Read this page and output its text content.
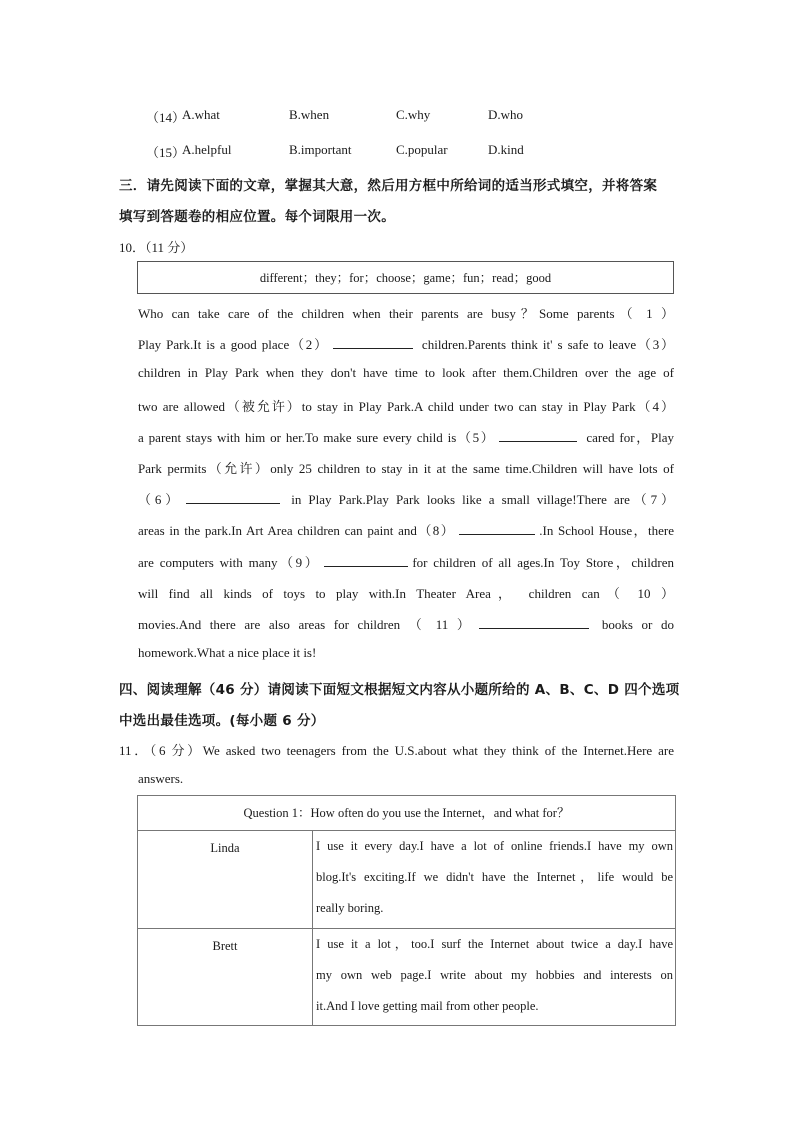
（14）
A.what	B.when	C.why	D.who
（15）
A.helpful	B.important	C.popular	D.kind
三．请先阅读下面的文章，掌握其大意，然后用方框中所给词的适当形式填空，并将答案
填写到答题卷的相应位置。每个词限用一次。
10．（11 分）
different；they；for；choose；game；fun；read；good
Who can take care of the children when their parents are busy？Some parents（ 1 ）
Play Park.It is a good place（2）	children.Parents think it' s safe to leave（3）
children in Play Park when they don't have time to look after them.Children over the age of
two are allowed（被允许）to stay in Play Park.A child under two can stay in Play Park（4）
a parent stays with him or her.To make sure every child is（5）	cared for，Play
Park permits（允许）only 25 children to stay in it at the same time.Children will have lots of
（6）	in Play Park.Play Park looks like a small village!There are（7）
areas in the park.In Art Area children can paint and（8）	.In School House，there
are computers with many（9）	for children of all ages.In Toy Store，children
will find all kinds of toys to play with.In Theater Area， children can（ 10 ）
movies.And there are also areas for children （ 11 ）	books or do
homework.What a nice place it is!
四、阅读理解（46 分）请阅读下面短文根据短文内容从小题所给的 A、B、C、D 四个选项
中选出最佳选项。(每小题 6 分）
11．（6 分）We asked two teenagers from the U.S.about what they think of the Internet.Here are
answers.
Question 1：How often do you use the Internet，and what for？	
Linda	I use it every day.I have a lot of online friends.I have my own
blog.It's exciting.If we didn't have the Internet，life would be
really boring.

Brett	I use it a lot，too.I surf the Internet about twice a day.I have
my own web page.I write about my hobbies and interests on
it.And I love getting mail from other people.
